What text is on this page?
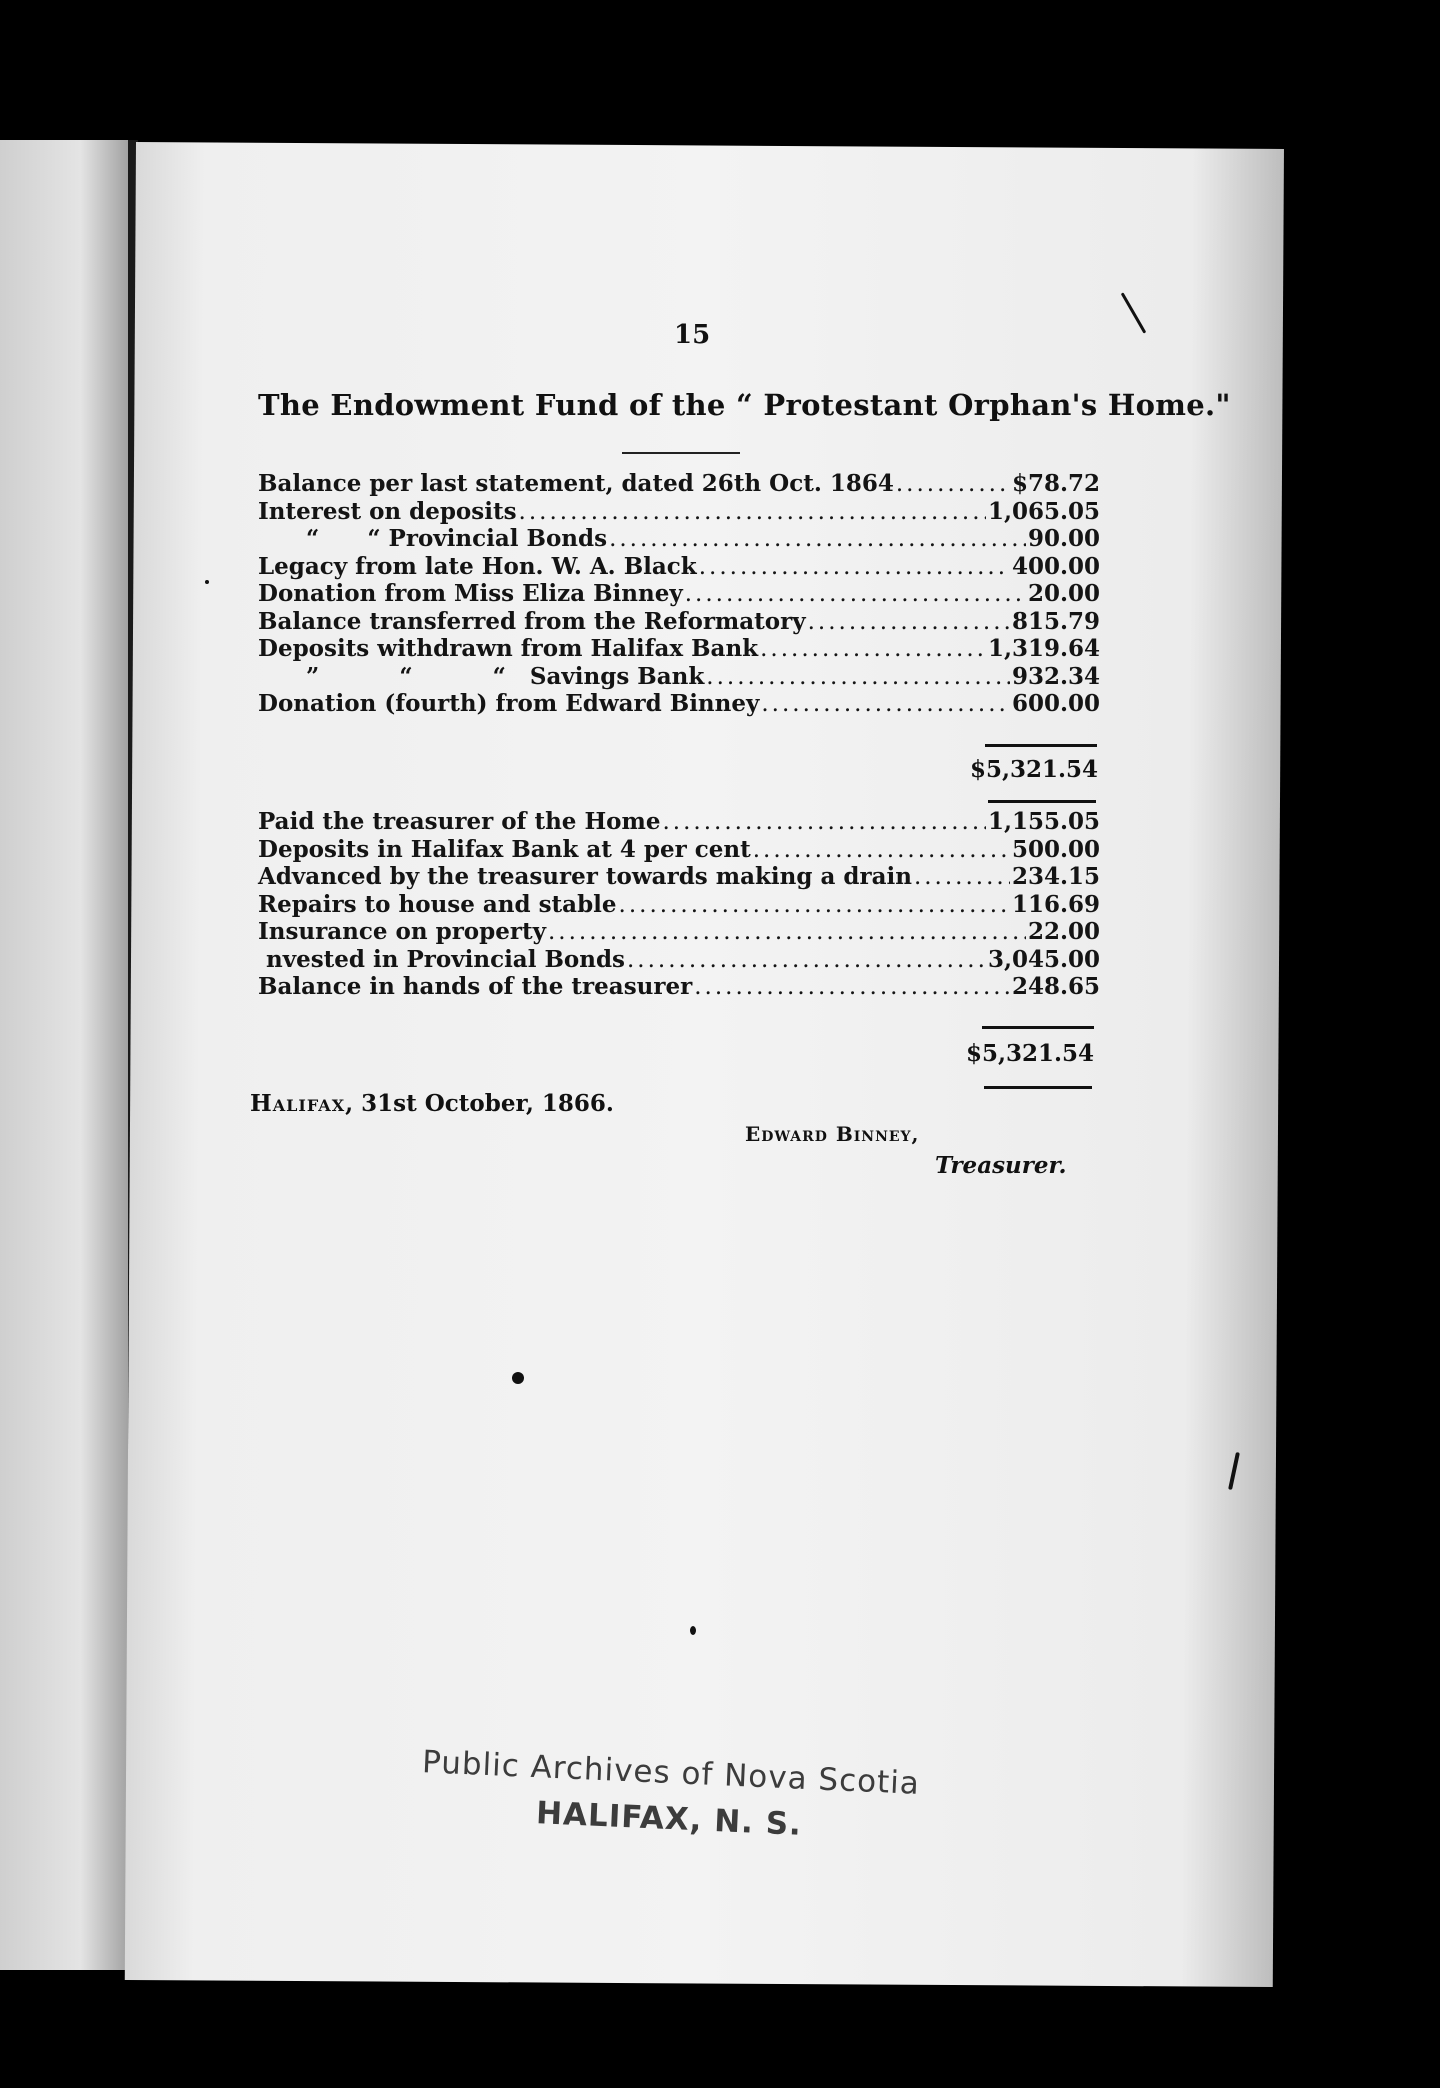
15
The Endowment Fund of the “ Protestant Orphan's Home."
Balance per last statement, dated 26th Oct. 1864 .....	$78.72
Interest on deposits .....	1,065.05
“      “ Provincial Bonds .....	90.00
Legacy from late Hon. W. A. Black .....	400.00
Donation from Miss Eliza Binney .....	20.00
Balance transferred from the Reformatory .....	815.79
Deposits withdrawn from Halifax Bank .....	1,319.64
”          “          “   Savings Bank .....	932.34
Donation (fourth) from Edward Binney .....	600.00
$5,321.54
Paid the treasurer of the Home .....	1,155.05
Deposits in Halifax Bank at 4 per cent .....	500.00
Advanced by the treasurer towards making a drain .....	234.15
Repairs to house and stable .....	116.69
Insurance on property .....	22.00
nvested in Provincial Bonds .....	3,045.00
Balance in hands of the treasurer .....	248.65
$5,321.54
Halifax, 31st October, 1866.
Edward Binney,
Treasurer.
Public Archives of Nova Scotia
HALIFAX, N. S.
